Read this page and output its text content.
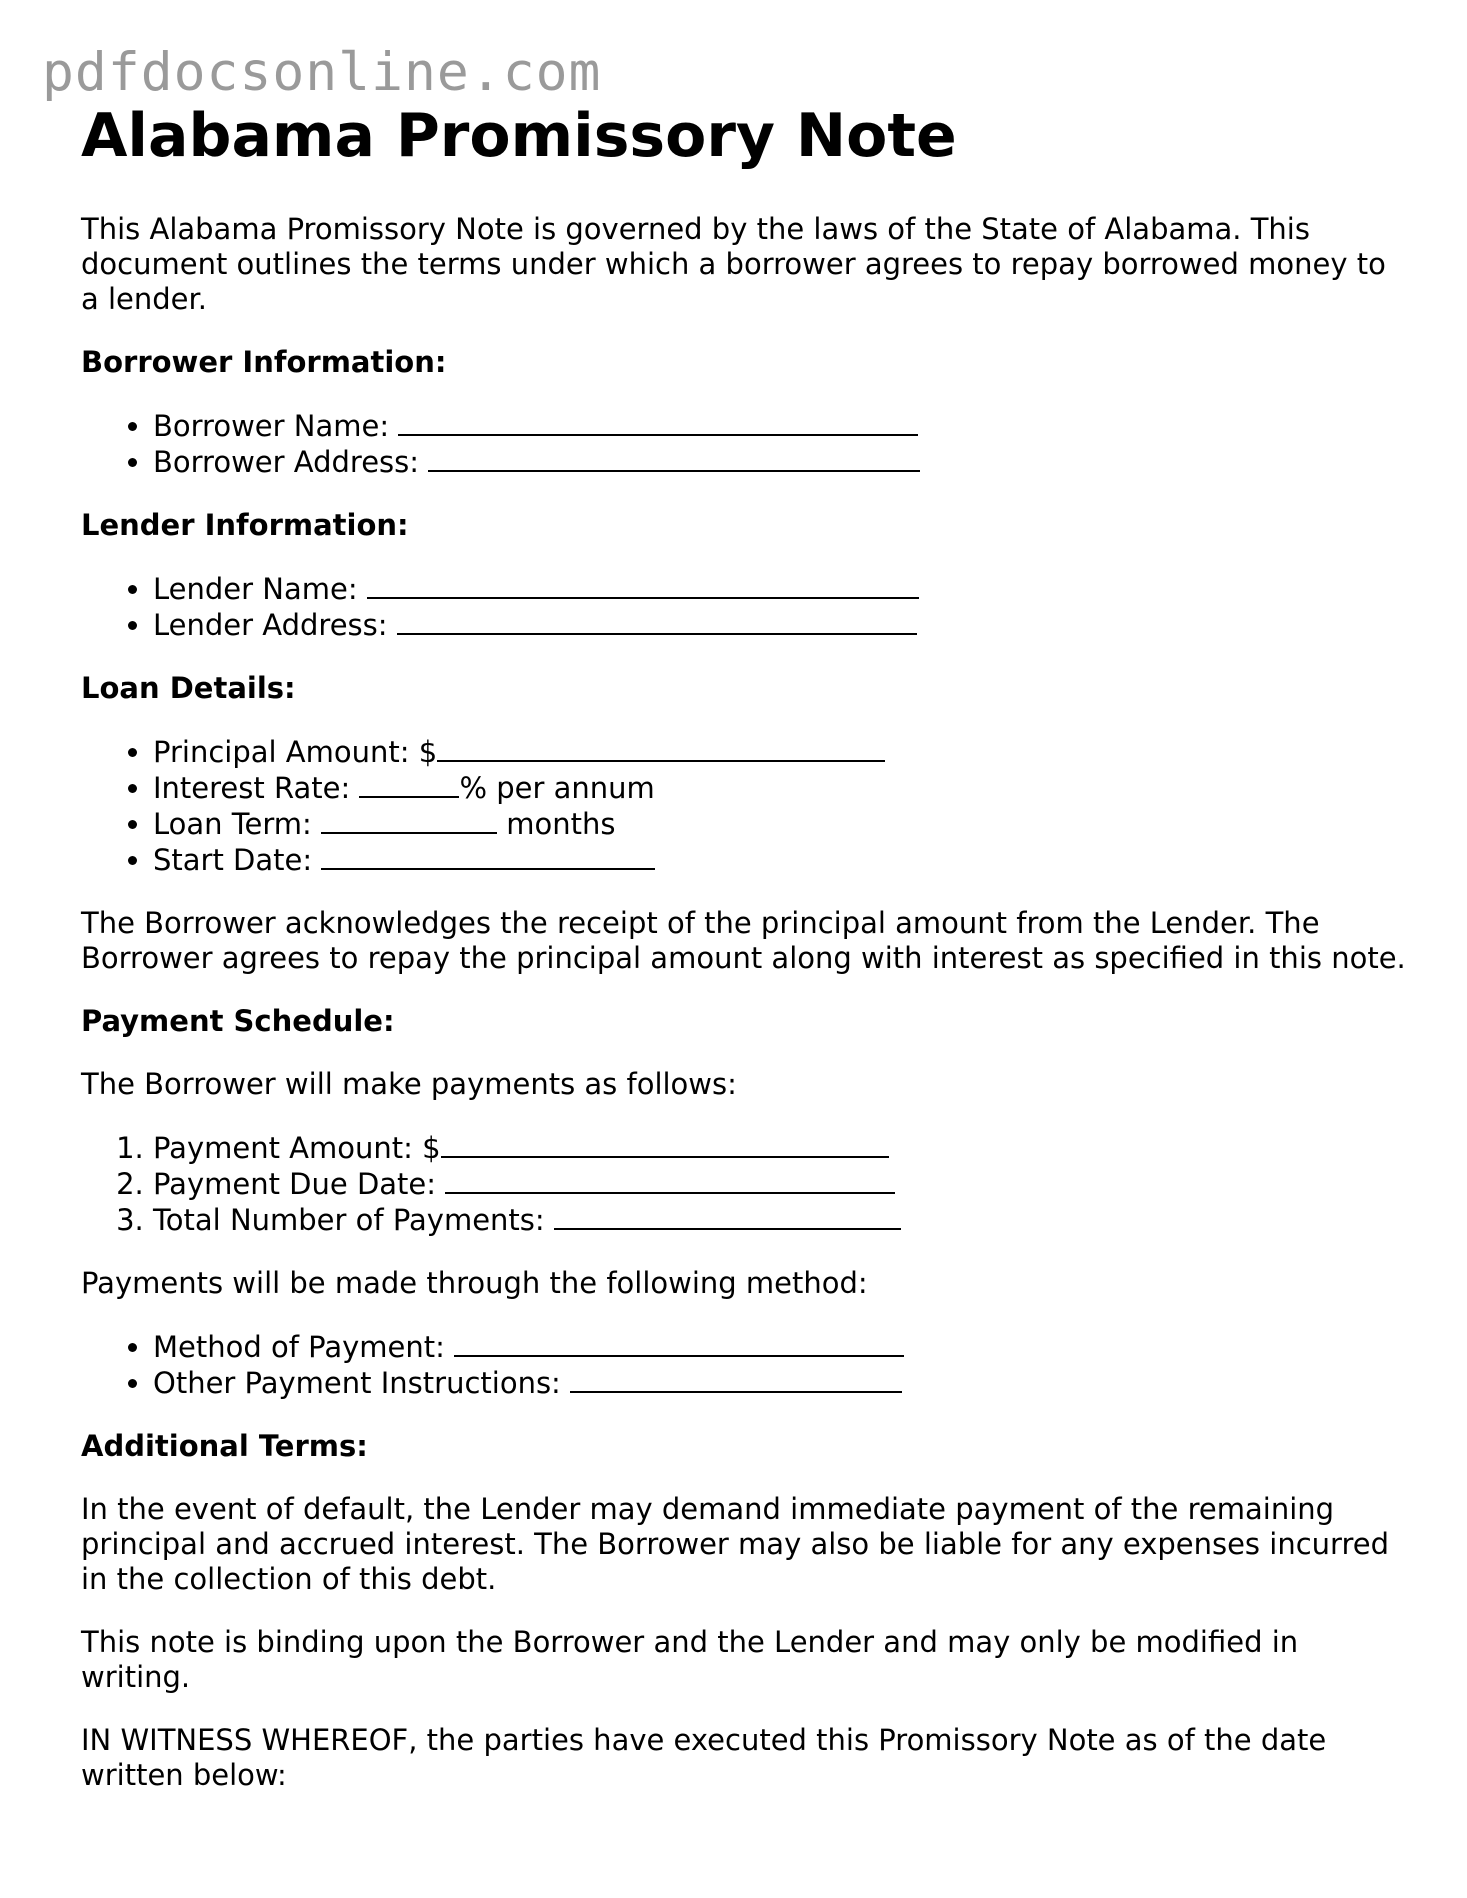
pdfdocsonline.com
Alabama Promissory Note

This Alabama Promissory Note is governed by the laws of the State of Alabama. This document outlines the terms under which a borrower agrees to repay borrowed money to a lender.

Borrower Information:
• Borrower Name:
• Borrower Address:
Lender Information:
• Lender Name:
• Lender Address:
Loan Details:
• Principal Amount: $
• Interest Rate:	% per annum
• Loan Term:	months
• Start Date:

The Borrower acknowledges the receipt of the principal amount from the Lender. The Borrower agrees to repay the principal amount along with interest as specified in this note.

Payment Schedule:

The Borrower will make payments as follows:

1. Payment Amount: $
2. Payment Due Date:
3. Total Number of Payments:

Payments will be made through the following method:

• Method of Payment:
• Other Payment Instructions:
Additional Terms:

In the event of default, the Lender may demand immediate payment of the remaining principal and accrued interest. The Borrower may also be liable for any expenses incurred in the collection of this debt.

This note is binding upon the Borrower and the Lender and may only be modified in writing.

IN WITNESS WHEREOF, the parties have executed this Promissory Note as of the date written below:
